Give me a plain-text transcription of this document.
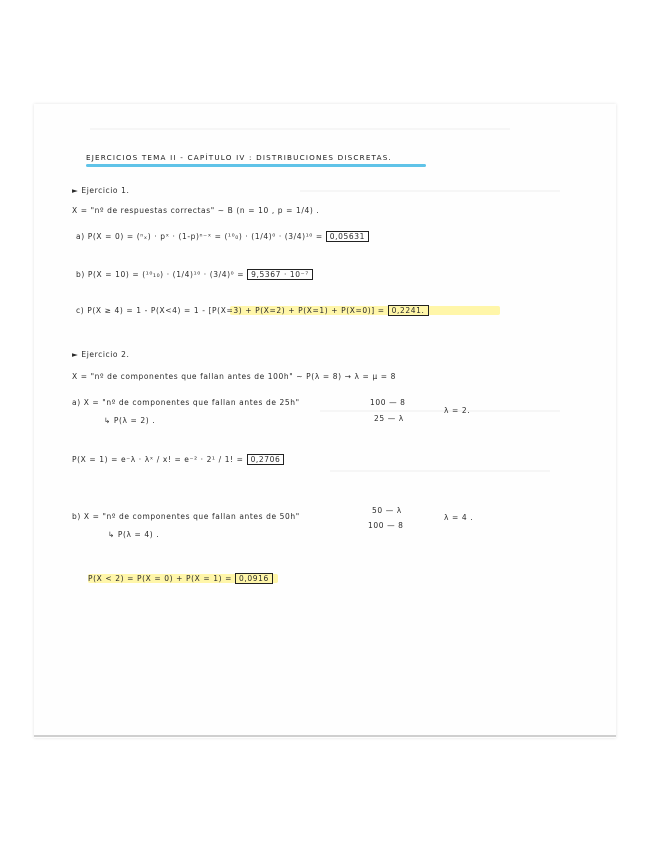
EJERCICIOS TEMA II - CAPÍTULO IV : DISTRIBUCIONES DISCRETAS.
► Ejercicio 1.
X = "nº de respuestas correctas" ~ B (n = 10 , p = 1/4) .
a) P(X = 0) = (ⁿₓ) · pˣ · (1-p)ⁿ⁻ˣ = (¹⁰₀) · (1/4)⁰ · (3/4)¹⁰ = 0,05631
b) P(X = 10) = (¹⁰₁₀) · (1/4)¹⁰ · (3/4)⁰ = 9,5367 · 10⁻⁷
c) P(X ≥ 4) = 1 - P(X<4) = 1 - [P(X=3) + P(X=2) + P(X=1) + P(X=0)] = 0,2241.
► Ejercicio 2.
X = "nº de componentes que fallan antes de 100h" ~ P(λ = 8) → λ = μ = 8
a) X = "nº de componentes que fallan antes de 25h"
↳ P(λ = 2) .
100 — 8
25 — λ
λ = 2.
P(X = 1) = e⁻λ · λˣ / x! = e⁻² · 2¹ / 1! = 0,2706
b) X = "nº de componentes que fallan antes de 50h"
↳ P(λ = 4) .
50 — λ
100 — 8
λ = 4 .
P(X < 2) = P(X = 0) + P(X = 1) = 0,0916
